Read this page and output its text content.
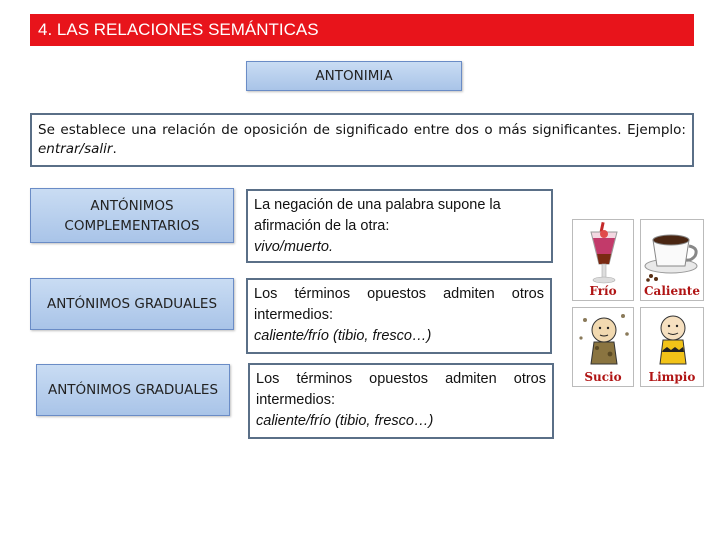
4. LAS RELACIONES SEMÁNTICAS
ANTONIMIA
Se establece una relación de oposición de significado entre dos o más significantes. Ejemplo: entrar/salir.
ANTÓNIMOS COMPLEMENTARIOS
La negación de una palabra supone la afirmación de la otra:
vivo/muerto.
ANTÓNIMOS GRADUALES
Los términos opuestos admiten otros intermedios:
caliente/frío (tibio, fresco…)
ANTÓNIMOS GRADUALES
Los términos opuestos admiten otros intermedios:
caliente/frío (tibio, fresco…)
Frío	Caliente
Sucio	Limpio
